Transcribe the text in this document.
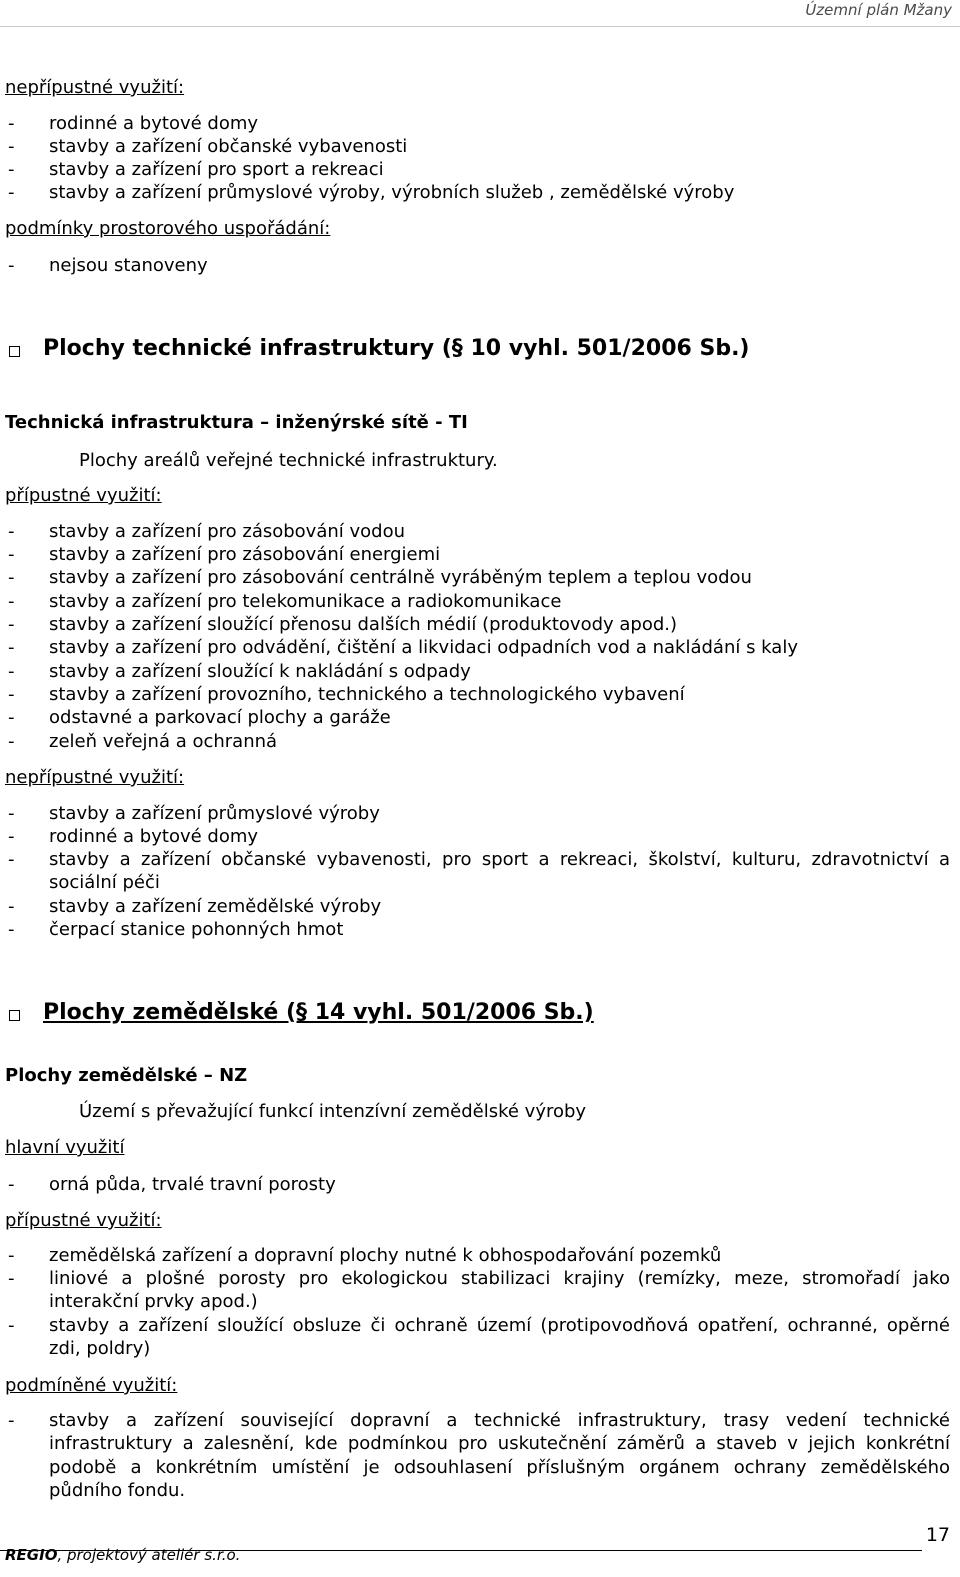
Územní plán Mžany
nepřípustné využití:
- rodinné a bytové domy
- stavby a zařízení občanské vybavenosti
- stavby a zařízení pro sport a rekreaci
- stavby a zařízení průmyslové výroby, výrobních služeb , zemědělské výroby
podmínky prostorového uspořádání:
- nejsou stanoveny
Plochy technické infrastruktury (§ 10 vyhl. 501/2006 Sb.)
Technická infrastruktura – inženýrské sítě - TI
Plochy areálů veřejné technické infrastruktury.
přípustné využití:
- stavby a zařízení pro zásobování vodou
- stavby a zařízení pro zásobování energiemi
- stavby a zařízení pro zásobování centrálně vyráběným teplem a teplou vodou
- stavby a zařízení pro telekomunikace a radiokomunikace
- stavby a zařízení sloužící přenosu dalších médií (produktovody apod.)
- stavby a zařízení pro odvádění, čištění a likvidaci odpadních vod a nakládání s kaly
- stavby a zařízení sloužící k nakládání s odpady
- stavby a zařízení provozního, technického a technologického vybavení
- odstavné a parkovací plochy a garáže
- zeleň veřejná a ochranná
nepřípustné využití:
- stavby a zařízení průmyslové výroby
- rodinné a bytové domy
- stavby a zařízení občanské vybavenosti, pro sport a rekreaci, školství, kulturu, zdravotnictví a sociální péči
- stavby a zařízení zemědělské výroby
- čerpací stanice pohonných hmot
Plochy zemědělské (§ 14 vyhl. 501/2006 Sb.)
Plochy zemědělské – NZ
Území s převažující funkcí intenzívní zemědělské výroby
hlavní využití
- orná půda, trvalé travní porosty
přípustné využití:
- zemědělská zařízení a dopravní plochy nutné k obhospodařování pozemků
- liniové a plošné porosty pro ekologickou stabilizaci krajiny (remízky, meze, stromořadí jako interakční prvky apod.)
- stavby a zařízení sloužící obsluze či ochraně území (protipovodňová opatření, ochranné, opěrné zdi, poldry)
podmíněné využití:
- stavby a zařízení související dopravní a technické infrastruktury, trasy vedení technické infrastruktury a zalesnění, kde podmínkou pro uskutečnění záměrů a staveb v jejich konkrétní podobě a konkrétním umístění je odsouhlasení příslušným orgánem ochrany zemědělského půdního fondu.
REGIO, projektový ateliér s.r.o.
17
